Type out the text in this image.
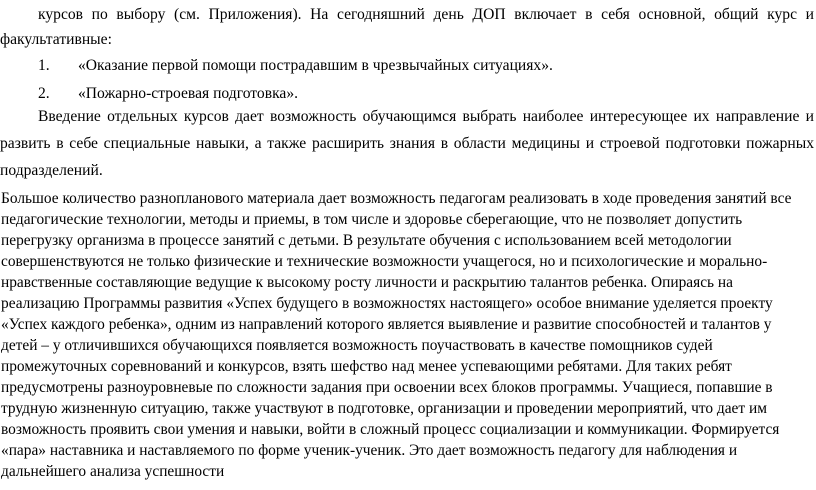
курсов по выбору (см. Приложения). На сегодняшний день ДОП включает в себя основной, общий курс и
факультативные:
1. «Оказание первой помощи пострадавшим в чрезвычайных ситуациях».
2. «Пожарно-строевая подготовка».
Введение отдельных курсов дает возможность обучающимся выбрать наиболее интересующее их направление и
развить в себе специальные навыки, а также расширить знания в области медицины и строевой подготовки пожарных
подразделений.
Большое количество разнопланового материала дает возможность педагогам реализовать в ходе проведения занятий все
педагогические технологии, методы и приемы, в том числе и здоровье сберегающие, что не позволяет допустить
перегрузку организма в процессе занятий с детьми. В результате обучения с использованием всей методологии
совершенствуются не только физические и технические возможности учащегося, но и психологические и морально-
нравственные составляющие ведущие к высокому росту личности и раскрытию талантов ребенка. Опираясь на
реализацию Программы развития «Успех будущего в возможностях настоящего» особое внимание уделяется проекту
«Успех каждого ребенка», одним из направлений которого является выявление и развитие способностей и талантов у
детей – у отличившихся обучающихся появляется возможность поучаствовать в качестве помощников судей
промежуточных соревнований и конкурсов, взять шефство над менее успевающими ребятами. Для таких ребят
предусмотрены разноуровневые по сложности задания при освоении всех блоков программы. Учащиеся, попавшие в
трудную жизненную ситуацию, также участвуют в подготовке, организации и проведении мероприятий, что дает им
возможность проявить свои умения и навыки, войти в сложный процесс социализации и коммуникации. Формируется
«пара» наставника и наставляемого по форме ученик-ученик. Это дает возможность педагогу для наблюдения и
дальнейшего анализа успешности
